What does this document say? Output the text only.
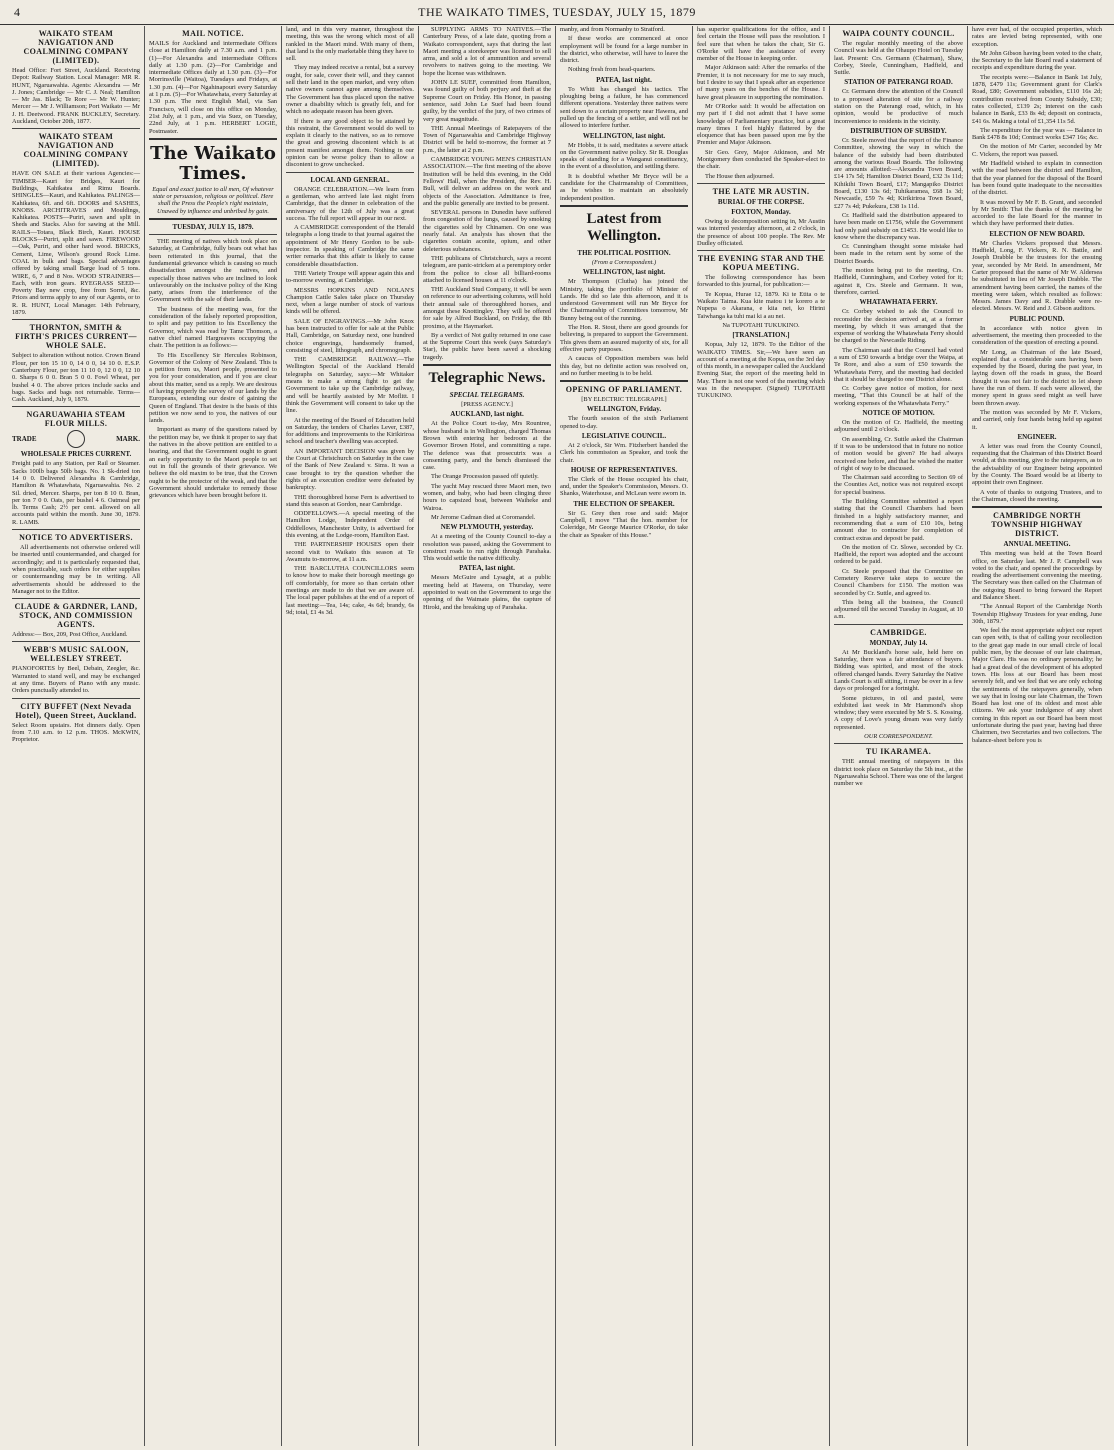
4	THE WAIKATO TIMES, TUESDAY, JULY 15, 1879
WAIKATO STEAM NAVIGATION AND COALMINING COMPANY (LIMITED).

Head Office: Fort Street, Auckland. Receiving Depot: Railway Station. Local Manager: MR R. HUNT, Ngaruawahia. Agents: Alexandra — Mr J. Jones; Cambridge — Mr C. J. Neal; Hamilton — Mr Jas. Black; Te Rore — Mr W. Hunter; Mercer — Mr J. Williamson; Port Waikato — Mr J. H. Deetwood. FRANK BUCKLEY, Secretary. Auckland, October 20th, 1877.

WAIKATO STEAM NAVIGATION AND COALMINING COMPANY (LIMITED).

HAVE ON SALE at their various Agencies:— TIMBER—Kauri for Bridges, Kauri for Buildings, Kahikatea and Rimu Boards. SHINGLES—Kauri, and Kahikatea. PALINGS—Kahikatea, 6ft. and 6ft. DOORS and SASHES, KNOBS. ARCHITRAVES and Mouldings, Kahikatea. POSTS—Puriri, sawn and split in Sheds and Stacks. Also for sawing at the Mill. RAILS—Totara, Black Birch, Kauri. HOUSE BLOCKS—Puriri, split and sawn. FIREWOOD—Oak, Puriri, and other hard wood. BRICKS, Cement, Lime, Wilson's ground Rock Lime. COAL in bulk and bags. Special advantages offered by taking small Barge load of 5 tons. WIRE, 6, 7 and 8 Nos. WOOD STRAINERS—Each, with iron gears. RYEGRASS SEED—Poverty Bay new crop, free from Sorrel, &c. Prices and terms apply to any of our Agents, or to R. R. HUNT, Local Manager. 14th February, 1879.

THORNTON, SMITH & FIRTH'S PRICES CURRENT—WHOLE SALE.

Subject to alteration without notice. Crown Brand Flour, per ton 15 10 0, 14 0 0, 14 10 0. E.S.P. Canterbury Flour, per ton 11 10 0, 12 0 0, 12 10 0. Sharps 6 0 0. Bran 5 0 0. Fowl Wheat, per bushel 4 0. The above prices include sacks and bags. Sacks and bags not returnable. Terms—Cash. Auckland, July 9, 1879.

NGARUAWAHIA STEAM FLOUR MILLS.
TRADE	MARK.
WHOLESALE PRICES CURRENT.

Freight paid to any Station, per Rail or Steamer. Sacks 100lb bags 50lb bags. No. 1 Sk-dried ton 14 0 0. Delivered Alexandra & Cambridge, Hamilton & Whatawhata, Ngaruawahia. No. 2 Sil. dried, Mercer. Sharps, per ton 8 10 0. Bran, per ton 7 0 0. Oats, per bushel 4 6. Oatmeal per lb. Terms Cash; 2½ per cent. allowed on all accounts paid within the month. June 30, 1879. R. LAMB.

NOTICE TO ADVERTISERS.

All advertisements not otherwise ordered will be inserted until countermanded, and charged for accordingly; and it is particularly requested that, when practicable, such orders for either supplies or countermanding may be in writing. All advertisements should be addressed to the Manager not to the Editor.

CLAUDE & GARDNER, LAND, STOCK, AND COMMISSION AGENTS.

Address:— Box, 209, Post Office, Auckland.

WEBB'S MUSIC SALOON, WELLESLEY STREET.

PIANOFORTES by Beel, Debain, Zeegler, &c. Warranted to stand well, and may be exchanged at any time. Buyers of Piano with any music. Orders punctually attended to.

CITY BUFFET (Next Nevada Hotel), Queen Street, Auckland.

Select Room upstairs. Hot dinners daily. Open from 7.10 a.m. to 12 p.m. THOS. McKWIN, Proprietor.

MAIL NOTICE.

MAILS for Auckland and intermediate Offices close at Hamilton daily at 7.30 a.m. and 1 p.m. (1)—For Alexandra and intermediate Offices daily at 1.30 p.m. (2)—For Cambridge and intermediate Offices daily at 1.30 p.m. (3)—For Morrinsville (Waitoa), Tuesdays and Fridays, at 1.30 p.m. (4)—For Ngahinapouri every Saturday at 1 p.m. (5)—For Whatawhata, every Saturday at 1.30 p.m. The next English Mail, via San Francisco, will close on this office on Monday, 21st July, at 1 p.m., and via Suez, on Tuesday, 22nd July, at 1 p.m. HERBERT LOGIE, Postmaster.

The Waikato Times.

Equal and exact justice to all men, Of whatever state or persuasion, religious or political. Here shall the Press the People's right maintain, Unawed by influence and unbribed by gain.

TUESDAY, JULY 15, 1879.

THE meeting of natives which took place on Saturday, at Cambridge, fully bears out what has been reiterated in this journal, that the fundamental grievance which is causing so much dissatisfaction amongst the natives, and especially those natives who are inclined to look unfavourably on the inclusive policy of the King party, arises from the interference of the Government with the sale of their lands.

The business of the meeting was, for the consideration of the falsely reported proposition, to split and pay petition to his Excellency the Governor, which was read by Tame Thomson, a native chief named Hargreaves occupying the chair. The petition is as follows:—

To His Excellency Sir Hercules Robinson, Governor of the Colony of New Zealand. This is a petition from us, Maori people, presented to you for your consideration, and if you are clear about this matter, send us a reply. We are desirous of having properly the survey of our lands by the Europeans, extending our desire of gaining the Queen of England. That desire is the basis of this petition we now send to you, the natives of our lands.

Important as many of the questions raised by the petition may be, we think it proper to say that the natives in the above petition are entitled to a hearing, and that the Government ought to grant an early opportunity to the Maori people to set out in full the grounds of their grievance. We believe the old maxim to be true, that the Crown ought to be the protector of the weak, and that the Government should undertake to remedy those grievances which have been brought before it.

land, and in this very manner, throughout the meeting, this was the wrong which most of all rankled in the Maori mind. With many of them, that land is the only marketable thing they have to sell.

They may indeed receive a rental, but a survey ought, for sale, cover their will, and they cannot sell their land in the open market, and very often native owners cannot agree among themselves. The Government has thus placed upon the native owner a disability which is greatly felt, and for which no adequate reason has been given.

If there is any good object to be attained by this restraint, the Government would do well to explain it clearly to the natives, so as to remove the great and growing discontent which is at present manifest amongst them. Nothing in our opinion can be worse policy than to allow a discontent to grow unchecked.

LOCAL AND GENERAL.

ORANGE CELEBRATION.—We learn from a gentleman, who arrived late last night from Cambridge, that the dinner in celebration of the anniversary of the 12th of July was a great success. The full report will appear in our next.

A CAMBRIDGE correspondent of the Herald telegraphs a long tirade to that journal against the appointment of Mr Henry Gordon to be sub-inspector. In speaking of Cambridge the same writer remarks that this affair is likely to cause considerable dissatisfaction.

THE Variety Troupe will appear again this and to-morrow evening, at Cambridge.

MESSRS HOPKINS AND NOLAN'S Champion Cattle Sales take place on Thursday next, when a large number of stock of various kinds will be offered.

SALE OF ENGRAVINGS.—Mr John Knox has been instructed to offer for sale at the Public Hall, Cambridge, on Saturday next, one hundred choice engravings, handsomely framed, consisting of steel, lithograph, and chromograph.

THE CAMBRIDGE RAILWAY.—The Wellington Special of the Auckland Herald telegraphs on Saturday, says:—Mr Whitaker means to make a strong fight to get the Government to take up the Cambridge railway, and will be heartily assisted by Mr Moflitt. I think the Government will consent to take up the line.

At the meeting of the Board of Education held on Saturday, the tenders of Charles Lever, £387, for additions and improvements to the Kirikiriroa school and teacher's dwelling was accepted.

AN IMPORTANT DECISION was given by the Court at Christchurch on Saturday in the case of the Bank of New Zealand v. Sims. It was a case brought to try the question whether the rights of an execution creditor were defeated by bankruptcy.

THE thoroughbred horse Fern is advertised to stand this season at Gordon, near Cambridge.

ODDFELLOWS.—A special meeting of the Hamilton Lodge, Independent Order of Oddfellows, Manchester Unity, is advertised for this evening, at the Lodge-room, Hamilton East.

THE PARTNERSHIP HOUSES open their second visit to Waikato this season at Te Awamutu to-morrow, at 11 a.m.

THE BARCLUTHA COUNCILLORS seem to know how to make their borough meetings go off comfortably, for more so than certain other meetings are made to do that we are aware of. The local paper publishes at the end of a report of last meeting:—Tea, 14s; cake, 4s 6d; brandy, 6s 9d; total, £1 4s 3d.

SUPPLYING ARMS TO NATIVES.—The Canterbury Press, of a late date, quoting from a Waikato correspondent, says that during the last Maori meeting a storekeeper was licensed to sell arms, and sold a lot of ammunition and several revolvers to natives going to the meeting. We hope the license was withdrawn.

JOHN LE SUEF, committed from Hamilton, was found guilty of both perjury and theft at the Supreme Court on Friday. His Honor, in passing sentence, said John Le Suef had been found guilty, by the verdict of the jury, of two crimes of very great magnitude.

THE Annual Meetings of Ratepayers of the Town of Ngaruawahia and Cambridge Highway District will be held to-morrow, the former at 7 p.m., the latter at 2 p.m.

CAMBRIDGE YOUNG MEN'S CHRISTIAN ASSOCIATION.—The first meeting of the above Institution will be held this evening, in the Odd Fellows' Hall, when the President, the Rev. H. Bull, will deliver an address on the work and objects of the Association. Admittance is free, and the public generally are invited to be present.

SEVERAL persons in Dunedin have suffered from congestion of the lungs, caused by smoking the cigarettes sold by Chinamen. On one was nearly fatal. An analysis has shown that the cigarettes contain aconite, opium, and other deleterious substances.

THE publicans of Christchurch, says a recent telegram, are panic-stricken at a peremptory order from the police to close all billiard-rooms attached to licensed houses at 11 o'clock.

THE Auckland Stud Company, it will be seen on reference to our advertising columns, will hold their annual sale of thoroughbred horses, and amongst these Knottingley. They will be offered for sale by Alfred Buckland, on Friday, the 8th proximo, at the Haymarket.

By a verdict of Not guilty returned in one case at the Supreme Court this week (says Saturday's Star), the public have been saved a shocking tragedy.

Telegraphic News.
SPECIAL TELEGRAMS.
[PRESS AGENCY.]
AUCKLAND, last night.

At the Police Court to-day, Mrs Rountree, whose husband is in Wellington, charged Thomas Brown with entering her bedroom at the Governor Brown Hotel, and committing a rape. The defence was that prosecutrix was a consenting party, and the bench dismissed the case.

The Orange Procession passed off quietly.

The yacht May rescued three Maori men, two women, and baby, who had been clinging three hours to capsized boat, between Waiheke and Wairoa.

Mr Jerome Cadman died at Coromandel.

NEW PLYMOUTH, yesterday.

At a meeting of the County Council to-day a resolution was passed, asking the Government to construct roads to run right through Parahaka. This would settle the native difficulty.

PATEA, last night.

Messrs McGuire and Lysaght, at a public meeting held at Hawera, on Thursday, were appointed to wait on the Government to urge the opening of the Waimate plains, the capture of Hiroki, and the breaking up of Parahaka.

manby, and from Normanby to Stratford.

If these works are commenced at once employment will be found for a large number in the district, who otherwise, will have to leave the district.

Nothing fresh from head-quarters.

PATEA, last night.

To Whiti has changed his tactics. The ploughing being a failure, he has commenced different operations. Yesterday three natives were sent down to a certain property near Hawera, and pulled up the fencing of a settler, and will not be allowed to interfere further.

WELLINGTON, last night.

Mr Hobbs, it is said, meditates a severe attack on the Government native policy. Sir R. Douglas speaks of standing for a Wanganui constituency, in the event of a dissolution, and settling there.

It is doubtful whether Mr Bryce will be a candidate for the Chairmanship of Committees, as he wishes to maintain an absolutely independent position.

Latest from Wellington.
THE POLITICAL POSITION.
(From a Correspondent.)
WELLINGTON, last night.

Mr Thompson (Clutha) has joined the Ministry, taking the portfolio of Minister of Lands. He did so late this afternoon, and it is understood Government will run Mr Bryce for the Chairmanship of Committees tomorrow, Mr Bunny being out of the running.

The Hon. R. Stout, there are good grounds for believing, is prepared to support the Government. This gives them an assured majority of six, for all effective party purposes.

A caucus of Opposition members was held this day, but no definite action was resolved on, and no further meeting is to be held.

OPENING OF PARLIAMENT.
[BY ELECTRIC TELEGRAPH.]
WELLINGTON, Friday.

The fourth session of the sixth Parliament opened to-day.

LEGISLATIVE COUNCIL.

At 2 o'clock, Sir Wm. Fitzherbert handed the Clerk his commission as Speaker, and took the chair.

HOUSE OF REPRESENTATIVES.

The Clerk of the House occupied his chair, and, under the Speaker's Commission, Messrs. O. Shanks, Waterhouse, and McLean were sworn in.

THE ELECTION OF SPEAKER.

Sir G. Grey then rose and said: Major Campbell, I move "That the hon. member for Coleridge, Mr George Maurice O'Rorke, do take the chair as Speaker of this House."

has superior qualifications for the office, and I feel certain the House will pass the resolution. I feel sure that when he takes the chair, Sir G. O'Rorke will have the assistance of every member of the House in keeping order.

Major Atkinson said: After the remarks of the Premier, it is not necessary for me to say much, but I desire to say that I speak after an experience of many years on the benches of the House. I have great pleasure in supporting the nomination.

Mr O'Rorke said: It would be affectation on my part if I did not admit that I have some knowledge of Parliamentary practice, but a great many times I feel highly flattered by the eloquence that has been passed upon me by the Premier and Major Atkinson.

Sir Geo. Grey, Major Atkinson, and Mr Montgomery then conducted the Speaker-elect to the chair.

The House then adjourned.

THE LATE MR AUSTIN.
BURIAL OF THE CORPSE.
FOXTON, Monday.

Owing to decomposition setting in, Mr Austin was interred yesterday afternoon, at 2 o'clock, in the presence of about 100 people. The Rev. Mr Dudley officiated.

THE EVENING STAR AND THE KOPUA MEETING.

The following correspondence has been forwarded to this journal, for publication:—

Te Kopua, Hurae 12, 1879. Ki te Etita o te Waikato Taima. Kua kite matou i te korero a te Nupepa o Akarana, e kiia nei, ko Hirini Taiwhanga ka tuhi mai ki a au nei.

Na TUPOTAHI TUKUKINO.
[TRANSLATION.]

Kopua, July 12, 1879. To the Editor of the WAIKATO TIMES. Sir,—We have seen an account of a meeting at the Kopua, on the 3rd day of this month, in a newspaper called the Auckland Evening Star, the report of the meeting held in May. There is not one word of the meeting which was in the newspaper. (Signed) TUPOTAHI TUKUKINO.

WAIPA COUNTY COUNCIL.

The regular monthly meeting of the above Council was held at the Ohaupo Hotel on Tuesday last. Present: Crs. Germann (Chairman), Shaw, Corbey, Steele, Cunningham, Hadfield, and Suttle.

STATION OF PATERANGI ROAD.

Cr. Germann drew the attention of the Council to a proposed alteration of site for a railway station on the Paterangi road, which, in his opinion, would be productive of much inconvenience to residents in the vicinity.

DISTRIBUTION OF SUBSIDY.

Cr. Steele moved that the report of the Finance Committee, showing the way in which the balance of the subsidy had been distributed among the various Road Boards. The following are amounts allotted:—Alexandra Town Board, £14 17s 5d; Hamilton District Board, £32 3s 11d; Kihikihi Town Board, £17; Mangapiko District Board, £130 13s 6d; Tuhikaramea, £68 1s 3d; Newcastle, £59 7s 4d; Kirikiriroa Town Board, £27 7s 4d; Pukekura, £38 1s 11d.

Cr. Hadfield said the distribution appeared to have been made on £1756, while the Government had only paid subsidy on £1453. He would like to know where the discrepancy was.

Cr. Cunningham thought some mistake had been made in the return sent by some of the District Boards.

The motion being put to the meeting, Crs. Hadfield, Cunningham, and Corbey voted for it; against it, Crs. Steele and Germann. It was, therefore, carried.

WHATAWHATA FERRY.

Cr. Corbey wished to ask the Council to reconsider the decision arrived at, at a former meeting, by which it was arranged that the expense of working the Whatawhata Ferry should be charged to the Newcastle Riding.

The Chairman said that the Council had voted a sum of £50 towards a bridge over the Waipa, at Te Rore, and also a sum of £50 towards the Whatawhata Ferry, and the meeting had decided that it should be charged to one District alone.

Cr. Corbey gave notice of motion, for next meeting, "That this Council be at half of the working expenses of the Whatawhata Ferry."

NOTICE OF MOTION.

On the motion of Cr. Hadfield, the meeting adjourned until 2 o'clock.

On assembling, Cr. Suttle asked the Chairman if it was to be understood that in future no notice of motion would be given? He had always received one before, and that he wished the matter of right of way to be discussed.

The Chairman said according to Section 69 of the Counties Act, notice was not required except for special business.

The Building Committee submitted a report stating that the Council Chambers had been finished in a highly satisfactory manner, and recommending that a sum of £10 10s, being amount due to contractor for completion of contract extras and deposit be paid.

On the motion of Cr. Slowe, seconded by Cr. Hadfield, the report was adopted and the account ordered to be paid.

Cr. Steele proposed that the Committee on Cemetery Reserve take steps to secure the Council Chambers for £150. The motion was seconded by Cr. Suttle, and agreed to.

This being all the business, the Council adjourned till the second Tuesday in August, at 10 a.m.

CAMBRIDGE.
MONDAY, July 14.

At Mr Buckland's horse sale, held here on Saturday, there was a fair attendance of buyers. Bidding was spirited, and most of the stock offered changed hands. Every Saturday the Native Lands Court is still sitting, it may be over in a few days or prolonged for a fortnight.

Some pictures, in oil and pastel, were exhibited last week in Mr Hammond's shop window; they were executed by Mr S. S. Kossing. A copy of Love's young dream was very fairly represented.

OUR CORRESPONDENT.
TU IKARAMEA.

THE annual meeting of ratepayers in this district took place on Saturday the 5th inst., at the Ngaruawahia School. There was one of the largest number we

have ever had, of the occupied properties, which rates are levied being represented, with one exception.

Mr John Gibson having been voted to the chair, the Secretary to the late Board read a statement of receipts and expenditure during the year.

The receipts were:—Balance in Bank 1st July, 1878, £479 11s; Government grant for Clark's Road, £80; Government subsidies, £110 16s 2d; contribution received from County Subsidy, £30; rates collected, £139 2s; interest on the cash balance in Bank, £33 8s 4d; deposit on contracts, £41 6s. Making a total of £1,354 11s 5d.

The expenditure for the year was — Balance in Bank £478 8s 10d; Contract works £347 16s; &c.

On the motion of Mr Carter, seconded by Mr C. Vickers, the report was passed.

Mr Hadfield wished to explain in connection with the road between the district and Hamilton, that the year planned for the disposal of the Board has been found quite inadequate to the necessities of the district.

It was moved by Mr F. B. Grant, and seconded by Mr Smith: That the thanks of the meeting be accorded to the late Board for the manner in which they have performed their duties.

ELECTION OF NEW BOARD.

Mr Charles Vickers proposed that Messrs. Hadfield, Long, F. Vickers, R. N. Battle, and Joseph Drabble be the trustees for the ensuing year, seconded by Mr Reid. In amendment, Mr Carter proposed that the name of Mr W. Aldersea be substituted in lieu of Mr Joseph Drabble. The amendment having been carried, the names of the meeting were taken, which resulted as follows: Messrs. James Davy and R. Drabble were re-elected. Messrs. W. Reid and J. Gibson auditors.

PUBLIC POUND.

In accordance with notice given in advertisement, the meeting then proceeded to the consideration of the question of erecting a pound.

Mr Long, as Chairman of the late Board, explained that a considerable sum having been expended by the Board, during the past year, in laying down off the roads in grass, the Board thought it was not fair to the district to let sheep have the run of them. If each were allowed, the money spent in grass seed might as well have been thrown away.

The motion was seconded by Mr F. Vickers, and carried, only four hands being held up against it.

ENGINEER.

A letter was read from the County Council, requesting that the Chairman of this District Board would, at this meeting, give to the ratepayers, as to the advisability of our Engineer being appointed by the County. The Board would be at liberty to appoint their own Engineer.

A vote of thanks to outgoing Trustees, and to the Chairman, closed the meeting.

CAMBRIDGE NORTH TOWNSHIP HIGHWAY DISTRICT.
ANNUAL MEETING.

This meeting was held at the Town Board office, on Saturday last. Mr J. P. Campbell was voted to the chair, and opened the proceedings by reading the advertisement convening the meeting. The Secretary was then called on the Chairman of the outgoing Board to bring forward the Report and Balance Sheet.

"The Annual Report of the Cambridge North Township Highway Trustees for year ending, June 30th, 1879."

We feel the most appropriate subject our report can open with, is that of calling your recollection to the great gap made in our small circle of local public men, by the decease of our late chairman, Major Clare. His was no ordinary personality; he had a great deal of the development of his adopted town. His loss at our Board has been most severely felt, and we feel that we are only echoing the sentiments of the ratepayers generally, when we say that in losing our late Chairman, the Town Board has lost one of its oldest and most able citizens. We ask your indulgence of any short coming in this report as our Board has been most unfortunate during the past year, having had three Chairmen, two Secretaries and two collectors. The balance-sheet before you is
